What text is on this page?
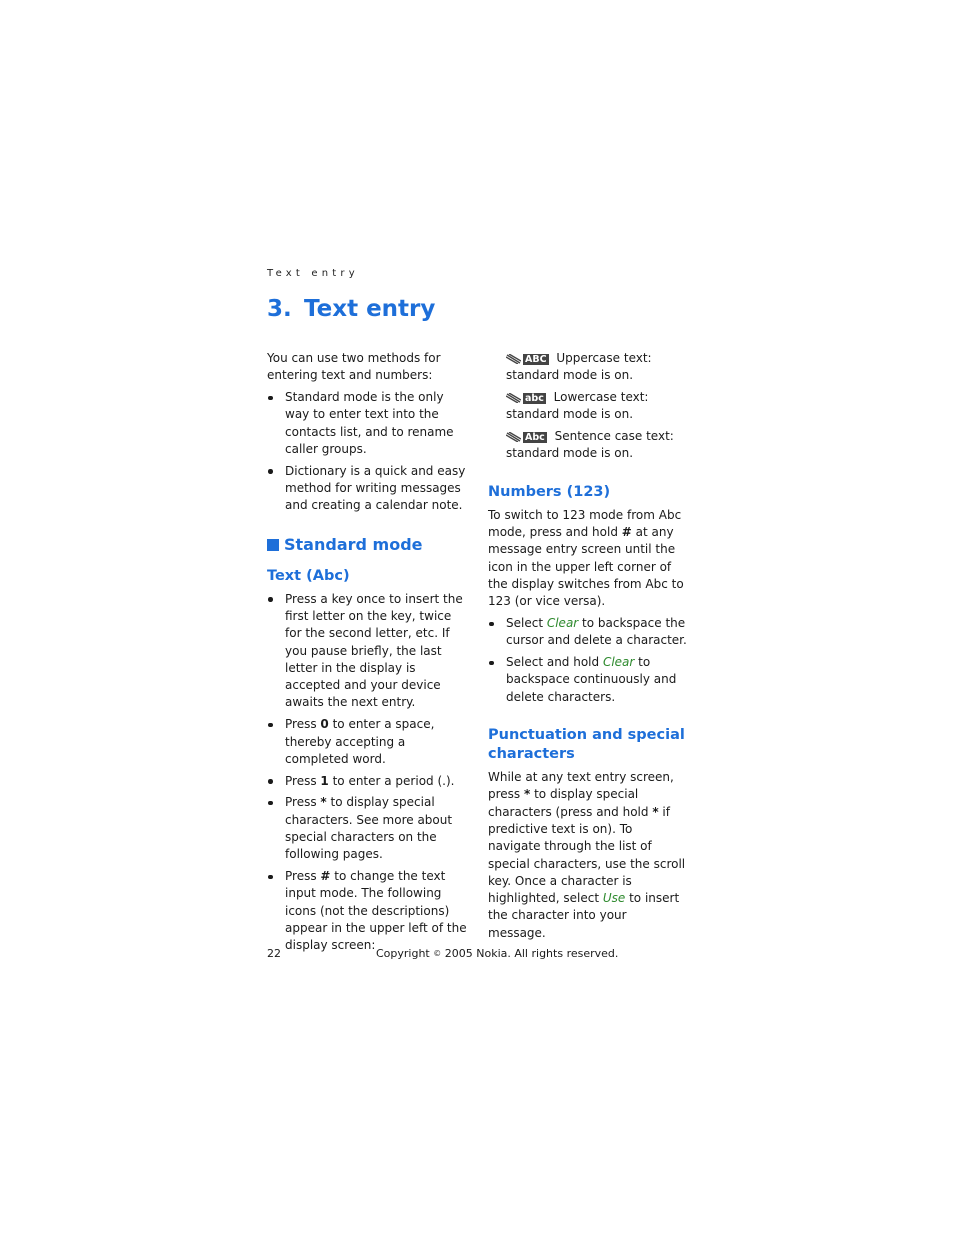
Text entry
3. Text entry

You can use two methods for entering text and numbers:

Standard mode is the only way to enter text into the contacts list, and to rename caller groups.
Dictionary is a quick and easy method for writing messages and creating a calendar note.
Standard mode
Text (Abc)
Press a key once to insert the first letter on the key, twice for the second letter, etc. If you pause briefly, the last letter in the display is accepted and your device awaits the next entry.
Press 0 to enter a space, thereby accepting a completed word.
Press 1 to enter a period (.).
Press * to display special characters. See more about special characters on the following pages.
Press # to change the text input mode. The following icons (not the descriptions) appear in the upper left of the display screen:
ABC Uppercase text: standard mode is on.
abc Lowercase text: standard mode is on.
Abc Sentence case text: standard mode is on.
Numbers (123)

To switch to 123 mode from Abc mode, press and hold # at any message entry screen until the icon in the upper left corner of the display switches from Abc to 123 (or vice versa).

Select Clear to backspace the cursor and delete a character.
Select and hold Clear to backspace continuously and delete characters.
Punctuation and special characters

While at any text entry screen, press * to display special characters (press and hold * if predictive text is on). To navigate through the list of special characters, use the scroll key. Once a character is highlighted, select Use to insert the character into your message.

22	Copyright © 2005 Nokia. All rights reserved.
